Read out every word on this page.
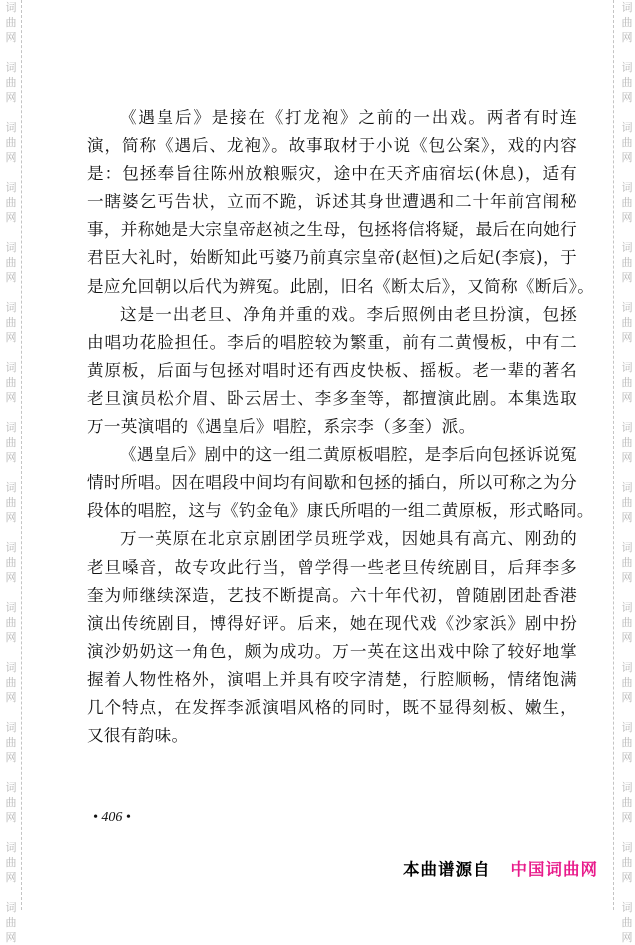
词
曲
网
词
曲
网
词
曲
网
词
曲
网
词
曲
网
词
曲
网
词
曲
网
词
曲
网
词
曲
网
词
曲
网
词
曲
网
词
曲
网
词
曲
网
词
曲
网
词
曲
网
词
曲
网
词
曲
网
词
曲
网
词
曲
网
词
曲
网
词
曲
网
词
曲
网
词
曲
网
词
曲
网
词
曲
网
词
曲
网
词
曲
网
词
曲
网
词
曲
网
词
曲
网
词
曲
网
词
曲
网
《遇皇后》是接在《打龙袍》之前的一出戏。两者有时连
演，简称《遇后、龙袍》。故事取材于小说《包公案》，戏的内容
是：包拯奉旨往陈州放粮赈灾，途中在天齐庙宿坛(休息)，适有
一瞎婆乞丐告状，立而不跪，诉述其身世遭遇和二十年前宫闱秘
事，并称她是大宗皇帝赵祯之生母，包拯将信将疑，最后在向她行
君臣大礼时，始断知此丐婆乃前真宗皇帝(赵恒)之后妃(李宸)，于
是应允回朝以后代为辨冤。此剧，旧名《断太后》，又简称《断后》。
这是一出老旦、净角并重的戏。李后照例由老旦扮演，包拯
由唱功花脸担任。李后的唱腔较为繁重，前有二黄慢板，中有二
黄原板，后面与包拯对唱时还有西皮快板、摇板。老一辈的著名
老旦演员松介眉、卧云居士、李多奎等，都擅演此剧。本集选取
万一英演唱的《遇皇后》唱腔，系宗李（多奎）派。
《遇皇后》剧中的这一组二黄原板唱腔，是李后向包拯诉说冤
情时所唱。因在唱段中间均有间歇和包拯的插白，所以可称之为分
段体的唱腔，这与《钓金龟》康氏所唱的一组二黄原板，形式略同。
万一英原在北京京剧团学员班学戏，因她具有高亢、刚劲的
老旦嗓音，故专攻此行当，曾学得一些老旦传统剧目，后拜李多
奎为师继续深造，艺技不断提高。六十年代初，曾随剧团赴香港
演出传统剧目，博得好评。后来，她在现代戏《沙家浜》剧中扮
演沙奶奶这一角色，颇为成功。万一英在这出戏中除了较好地掌
握着人物性格外，演唱上并具有咬字清楚，行腔顺畅，情绪饱满
几个特点，在发挥李派演唱风格的同时，既不显得刻板、嫩生，
又很有韵味。
• 406 •
本曲谱源自 中国词曲网
